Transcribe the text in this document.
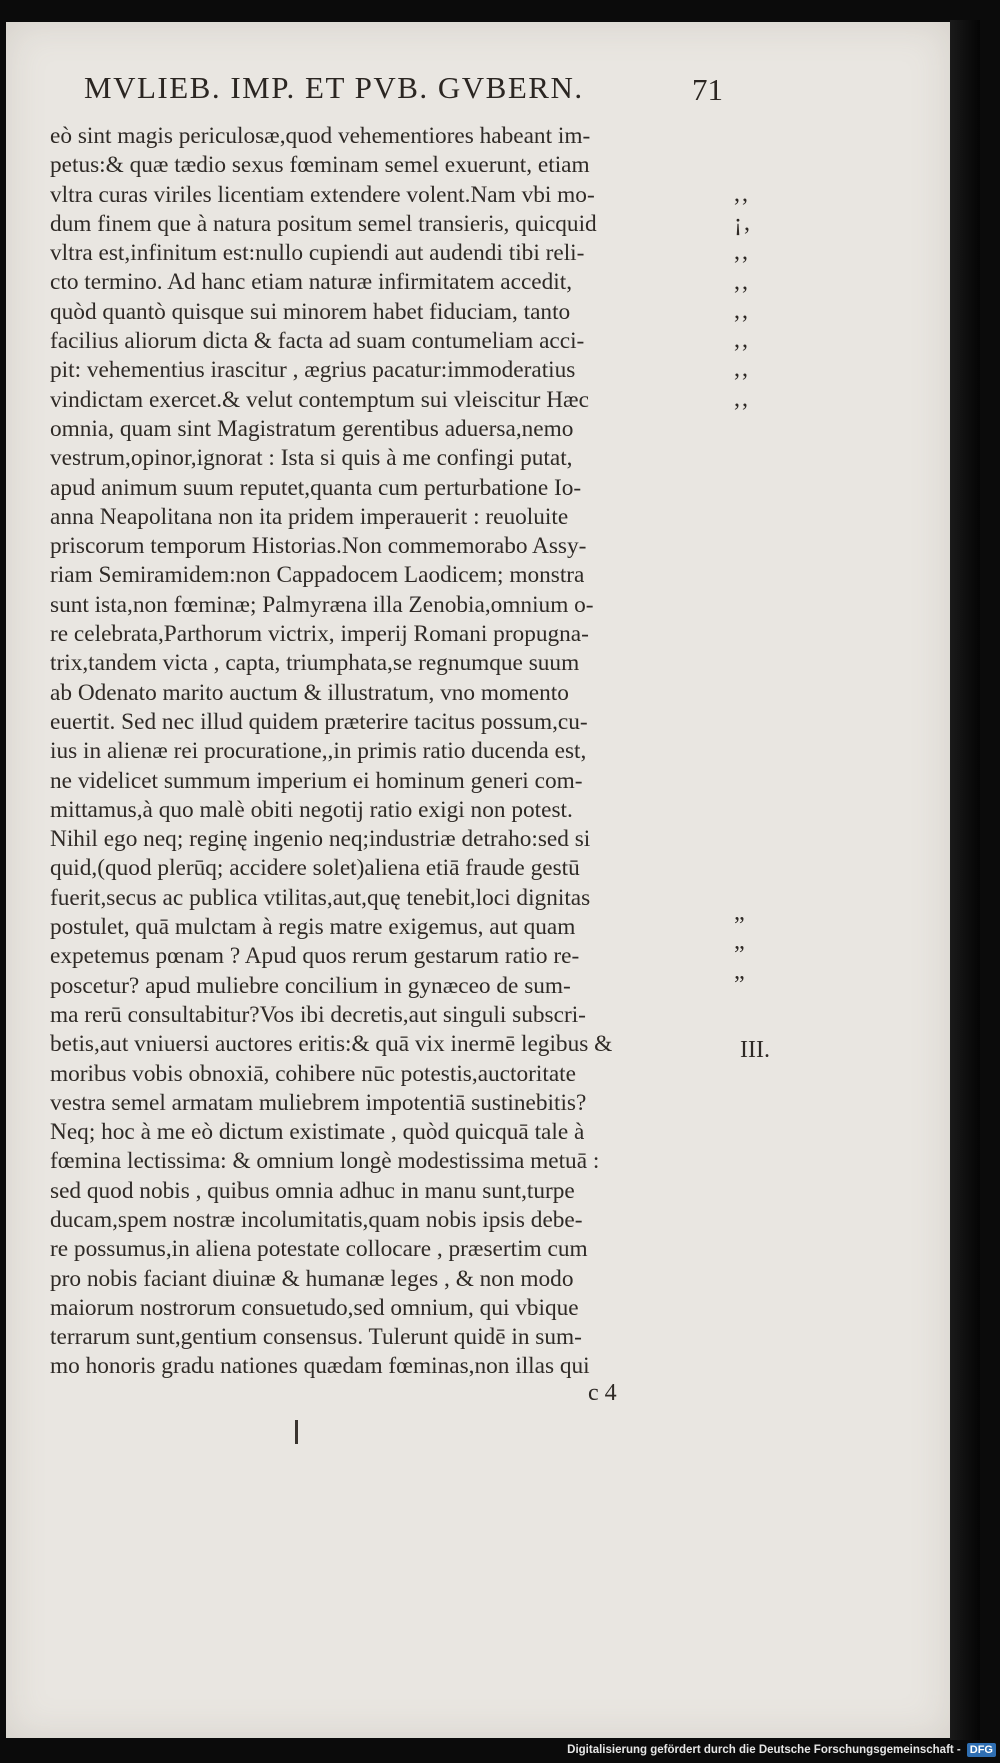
MVLIEB. IMP. ET PVB. GVBERN.	71
eò sint magis periculosæ,quod vehementiores habeant im-
petus:& quæ tædio sexus fœminam semel exuerunt, etiam
vltra curas viriles licentiam extendere volent.Nam vbi mo-
dum finem que à natura positum semel transieris, quicquid
vltra est,infinitum est:nullo cupiendi aut audendi tibi reli-
cto termino. Ad hanc etiam naturæ infirmitatem accedit,
quòd quantò quisque sui minorem habet fiduciam, tanto
facilius aliorum dicta & facta ad suam contumeliam acci-
pit: vehementius irascitur , ægrius pacatur:immoderatius
vindictam exercet.& velut contemptum sui vleiscitur Hæc
omnia, quam sint Magistratum gerentibus aduersa,nemo
vestrum,opinor,ignorat : Ista si quis à me confingi putat,
apud animum suum reputet,quanta cum perturbatione Io-
anna Neapolitana non ita pridem imperauerit : reuoluite
priscorum temporum Historias.Non commemorabo Assy-
riam Semiramidem:non Cappadocem Laodicem; monstra
sunt ista,non fœminæ; Palmyræna illa Zenobia,omnium o-
re celebrata,Parthorum victrix, imperij Romani propugna-
trix,tandem victa , capta, triumphata,se regnumque suum
ab Odenato marito auctum & illustratum, vno momento
euertit. Sed nec illud quidem præterire tacitus possum,cu-
ius in alienæ rei procuratione,,in primis ratio ducenda est,
ne videlicet summum imperium ei hominum generi com-
mittamus,à quo malè obiti negotij ratio exigi non potest.
Nihil ego neq; reginę ingenio neq;industriæ detraho:sed si
quid,(quod plerūq; accidere solet)aliena etiā fraude gestū
fuerit,secus ac publica vtilitas,aut,quę tenebit,loci dignitas
postulet, quā mulctam à regis matre exigemus, aut quam
expetemus pœnam ? Apud quos rerum gestarum ratio re-
poscetur? apud muliebre concilium in gynæceo de sum-
ma rerū consultabitur?Vos ibi decretis,aut singuli subscri-
betis,aut vniuersi auctores eritis:& quā vix inermē legibus &
moribus vobis obnoxiā, cohibere nūc potestis,auctoritate
vestra semel armatam muliebrem impotentiā sustinebitis?
Neq; hoc à me eò dictum existimate , quòd quicquā tale à
fœmina lectissima: & omnium longè modestissima metuā :
sed quod nobis , quibus omnia adhuc in manu sunt,turpe
ducam,spem nostræ incolumitatis,quam nobis ipsis debe-
re possumus,in aliena potestate collocare , præsertim cum
pro nobis faciant diuinæ & humanæ leges , & non modo
maiorum nostrorum consuetudo,sed omnium, qui vbique
terrarum sunt,gentium consensus. Tulerunt quidē in sum-
mo honoris gradu nationes quædam fœminas,non illas qui
,,
¡,
,,
,,
,,
,,
,,
,,
”
”
”
III.
c 4
Digitalisierung gefördert durch die Deutsche Forschungsgemeinschaft - DFG
